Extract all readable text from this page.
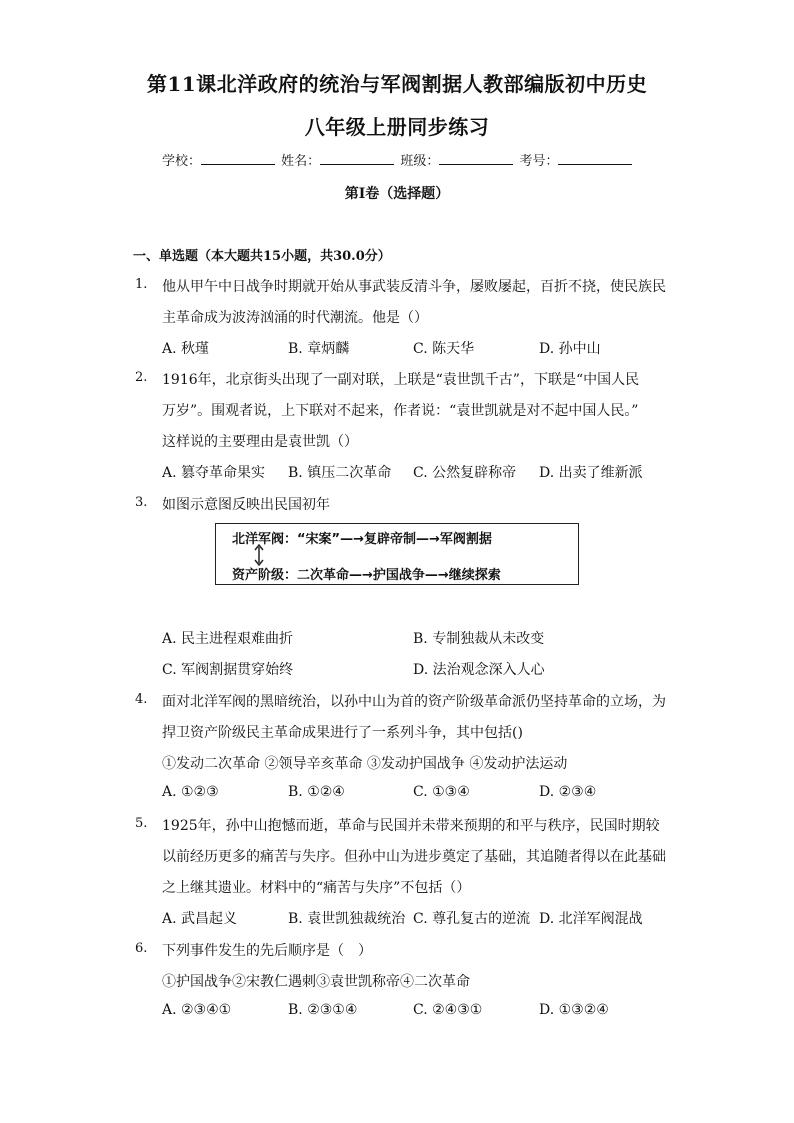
第11课北洋政府的统治与军阀割据人教部编版初中历史
八年级上册同步练习
学校：	姓名：	班级：	考号：
第I卷（选择题）
一、单选题（本大题共15小题，共30.0分）
1. 他从甲午中日战争时期就开始从事武装反清斗争，屡败屡起，百折不挠，使民族民
主革命成为波涛汹涌的时代潮流。他是（）
A. 秋瑾	B. 章炳麟	C. 陈天华	D. 孙中山
2. 1916年，北京街头出现了一副对联，上联是“袁世凯千古”，下联是“中国人民
万岁”。围观者说，上下联对不起来，作者说：“袁世凯就是对不起中国人民。”
这样说的主要理由是袁世凯（）
A. 篡夺革命果实 B. 镇压二次革命 C. 公然复辟称帝 D. 出卖了维新派
3. 如图示意图反映出民国初年
北洋军阀：“宋案”—→复辟帝制—→军阀割据
资产阶级：二次革命—→护国战争—→继续探索
A. 民主进程艰难曲折	B. 专制独裁从未改变
C. 军阀割据贯穿始终	D. 法治观念深入人心
4. 面对北洋军阀的黑暗统治，以孙中山为首的资产阶级革命派仍坚持革命的立场，为
捍卫资产阶级民主革命成果进行了一系列斗争，其中包括()
①发动二次革命 ②领导辛亥革命 ③发动护国战争 ④发动护法运动
A. ①②③	B. ①②④	C. ①③④	D. ②③④
5. 1925年，孙中山抱憾而逝，革命与民国并未带来预期的和平与秩序，民国时期较
以前经历更多的痛苦与失序。但孙中山为进步奠定了基础，其追随者得以在此基础
之上继其遗业。材料中的“痛苦与失序”不包括（）
A. 武昌起义	B. 袁世凯独裁统治 C. 尊孔复古的逆流 D. 北洋军阀混战
6. 下列事件发生的先后顺序是（　）
①护国战争②宋教仁遇刺③袁世凯称帝④二次革命
A. ②③④①	B. ②③①④	C. ②④③①	D. ①③②④
